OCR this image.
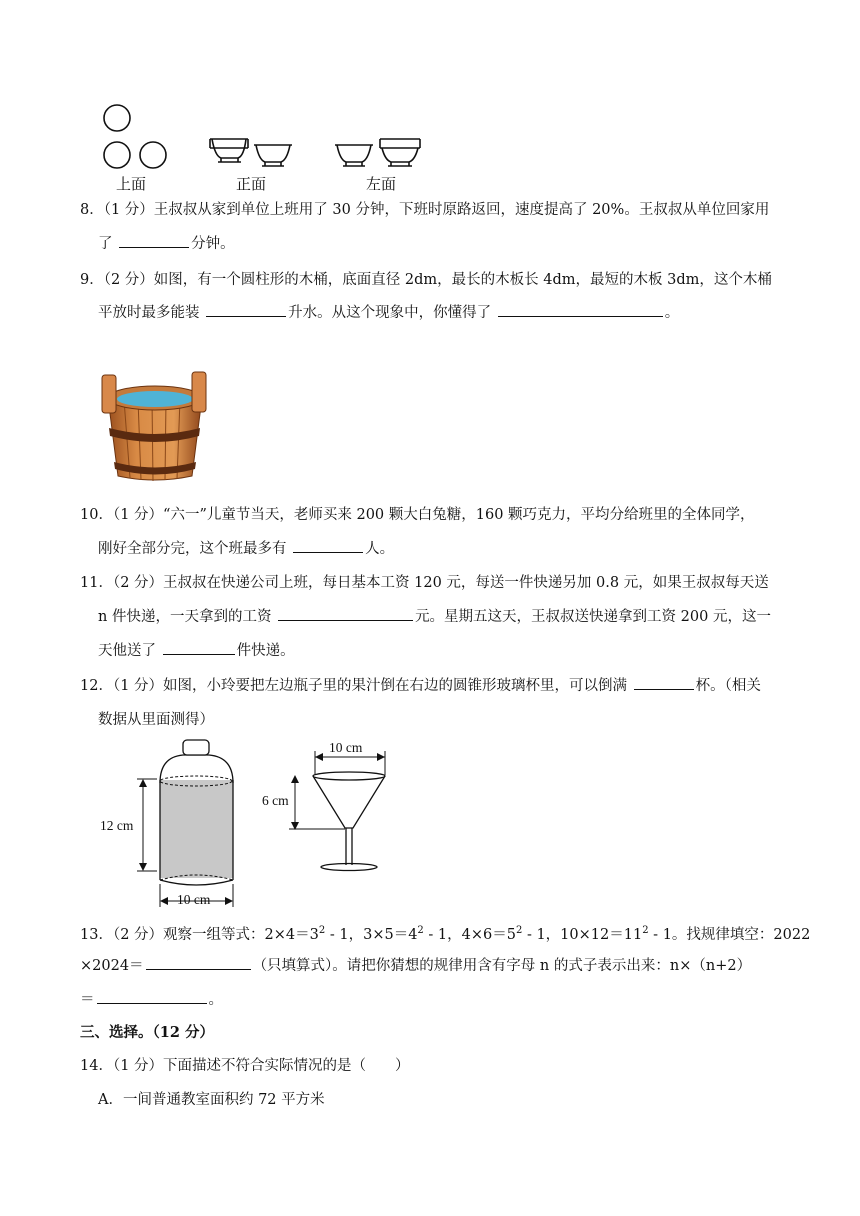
上面	正面	左面
8．（1 分）王叔叔从家到单位上班用了 30 分钟，下班时原路返回，速度提高了 20%。王叔叔从单位回家用
了	分钟。
9．（2 分）如图，有一个圆柱形的木桶，底面直径 2dm，最长的木板长 4dm，最短的木板 3dm，这个木桶
平放时最多能装	升水。从这个现象中，你懂得了	。
10．（1 分）“六一”儿童节当天，老师买来 200 颗大白兔糖，160 颗巧克力，平均分给班里的全体同学，
刚好全部分完，这个班最多有	人。
11．（2 分）王叔叔在快递公司上班，每日基本工资 120 元，每送一件快递另加 0.8 元，如果王叔叔每天送
n 件快递，一天拿到的工资	元。星期五这天，王叔叔送快递拿到工资 200 元，这一
天他送了	件快递。
12．（1 分）如图，小玲要把左边瓶子里的果汁倒在右边的圆锥形玻璃杯里，可以倒满	杯。（相关
数据从里面测得）
12 cm
10 cm
10 cm
6 cm
13．（2 分）观察一组等式：$2\times 4=3^2 - 1$，$3\times 5=4^2 - 1$，$4\times 6=5^2 - 1$，$10\times 12=11^2 - 1$。找规律填空：2022
×2024＝	（只填算式）。请把你猜想的规律用含有字母 n 的式子表示出来：n×（n+2）
＝	。
三、选择。（12 分）
14．（1 分）下面描述不符合实际情况的是（　　）
A．一间普通教室面积约 72 平方米
